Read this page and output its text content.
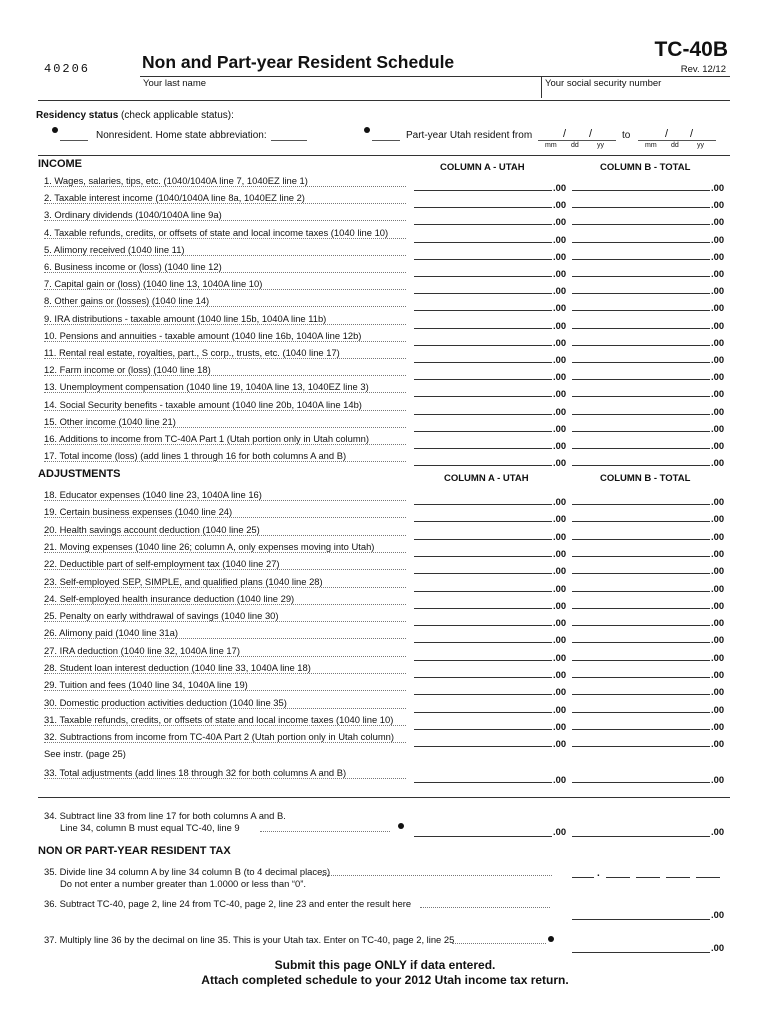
40206	Non and Part-year Resident Schedule
TC-40B
Rev. 12/12
Your last name	Your social security number
Residency status (check applicable status):
Nonresident. Home state abbreviation:	Part-year Utah resident from	/ /	to	/ /
mm dd	yy	mm dd	yy
INCOME	COLUMN A - UTAH	COLUMN B - TOTAL
1. Wages, salaries, tips, etc. (1040/1040A line 7, 1040EZ line 1)
.00	.00
2. Taxable interest income (1040/1040A line 8a, 1040EZ line 2)
.00	.00
3. Ordinary dividends (1040/1040A line 9a)
.00	.00
4. Taxable refunds, credits, or offsets of state and local income taxes (1040 line 10)
.00	.00
5. Alimony received (1040 line 11)
.00	.00
6. Business income or (loss) (1040 line 12)
.00	.00
7. Capital gain or (loss) (1040 line 13, 1040A line 10)
.00	.00
8. Other gains or (losses) (1040 line 14)
.00	.00
9. IRA distributions - taxable amount (1040 line 15b, 1040A line 11b)
.00	.00
10. Pensions and annuities - taxable amount (1040 line 16b, 1040A line 12b)
.00	.00
11. Rental real estate, royalties, part., S corp., trusts, etc. (1040 line 17)
.00	.00
12. Farm income or (loss) (1040 line 18)
.00	.00
13. Unemployment compensation (1040 line 19, 1040A line 13, 1040EZ line 3)
.00	.00
14. Social Security benefits - taxable amount (1040 line 20b, 1040A line 14b)
.00	.00
15. Other income (1040 line 21)
.00	.00
16. Additions to income from TC-40A Part 1 (Utah portion only in Utah column)
.00	.00
17. Total income (loss) (add lines 1 through 16 for both columns A and B)
.00	.00
ADJUSTMENTS	COLUMN A - UTAH	COLUMN B - TOTAL
18. Educator expenses (1040 line 23, 1040A line 16)
.00	.00
19. Certain business expenses (1040 line 24)
.00	.00
20. Health savings account deduction (1040 line 25)
.00	.00
21. Moving expenses (1040 line 26; column A, only expenses moving into Utah)
.00	.00
22. Deductible part of self-employment tax (1040 line 27)
.00	.00
23. Self-employed SEP, SIMPLE, and qualified plans (1040 line 28)
.00	.00
24. Self-employed health insurance deduction (1040 line 29)
.00	.00
25. Penalty on early withdrawal of savings (1040 line 30)
.00	.00
26. Alimony paid (1040 line 31a)
.00	.00
27. IRA deduction (1040 line 32, 1040A line 17)
.00	.00
28. Student loan interest deduction (1040 line 33, 1040A line 18)
.00	.00
29. Tuition and fees (1040 line 34, 1040A line 19)
.00	.00
30. Domestic production activities deduction (1040 line 35)
.00	.00
31. Taxable refunds, credits, or offsets of state and local income taxes (1040 line 10)
.00	.00
32. Subtractions from income from TC-40A Part 2 (Utah portion only in Utah column)
.00	.00
33. Total adjustments (add lines 18 through 32 for both columns A and B)
.00	.00
See instr. (page 25)
34. Subtract line 33 from line 17 for both columns A and B.
Line 34, column B must equal TC-40, line 9	.00	.00
NON OR PART-YEAR RESIDENT TAX
35. Divide line 34 column A by line 34 column B (to 4 decimal places)
Do not enter a number greater than 1.0000 or less than “0”.
.
36. Subtract TC-40, page 2, line 24 from TC-40, page 2, line 23 and enter the result here
.00
37. Multiply line 36 by the decimal on line 35. This is your Utah tax. Enter on TC-40, page 2, line 25
.00
Submit this page ONLY if data entered.
Attach completed schedule to your 2012 Utah income tax return.
